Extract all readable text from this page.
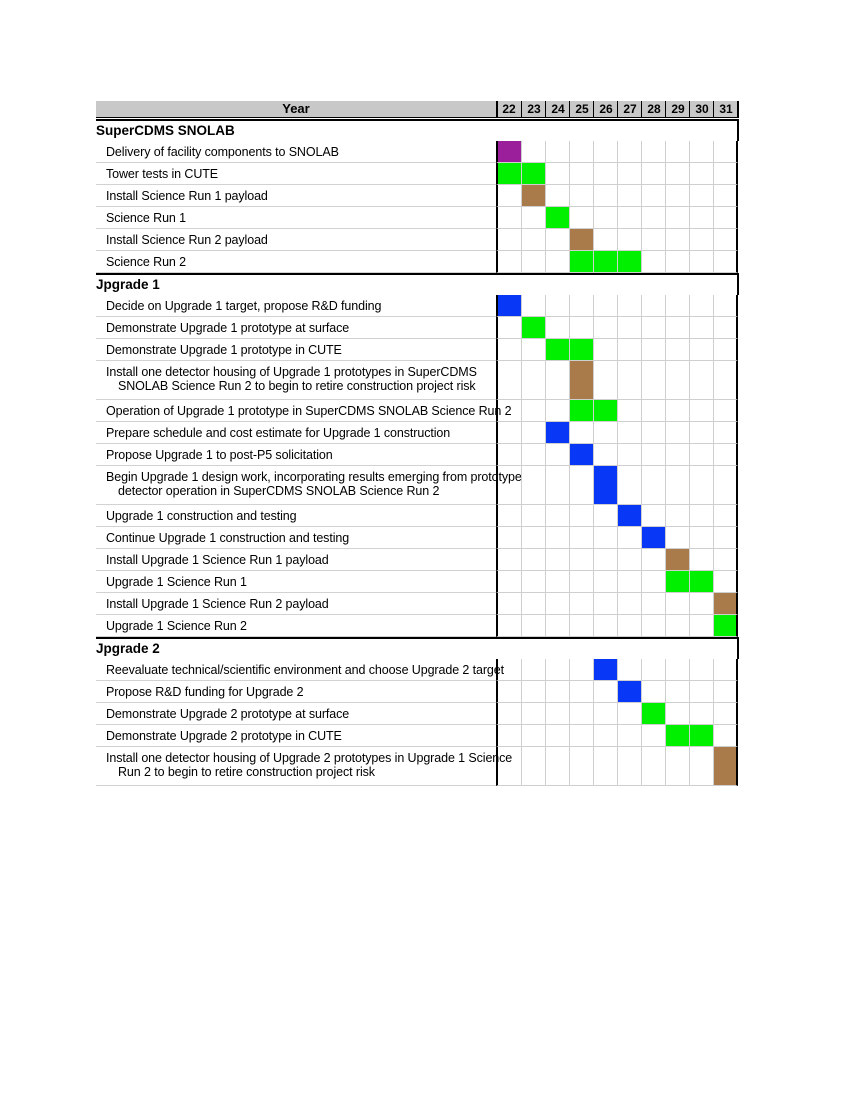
Year	22 23 24 25 26 27 28 29 30 31
SuperCDMS SNOLAB
Delivery of facility components to SNOLAB
Tower tests in CUTE
Install Science Run 1 payload
Science Run 1
Install Science Run 2 payload
Science Run 2
Jpgrade 1
Decide on Upgrade 1 target, propose R&D funding
Demonstrate Upgrade 1 prototype at surface
Demonstrate Upgrade 1 prototype in CUTE
Install one detector housing of Upgrade 1 prototypes in SuperCDMS
SNOLAB Science Run 2 to begin to retire construction project risk
Operation of Upgrade 1 prototype in SuperCDMS SNOLAB Science Run 2
Prepare schedule and cost estimate for Upgrade 1 construction
Propose Upgrade 1 to post-P5 solicitation
Begin Upgrade 1 design work, incorporating results emerging from prototype
detector operation in SuperCDMS SNOLAB Science Run 2
Upgrade 1 construction and testing
Continue Upgrade 1 construction and testing
Install Upgrade 1 Science Run 1 payload
Upgrade 1 Science Run 1
Install Upgrade 1 Science Run 2 payload
Upgrade 1 Science Run 2
Jpgrade 2
Reevaluate technical/scientific environment and choose Upgrade 2 target
Propose R&D funding for Upgrade 2
Demonstrate Upgrade 2 prototype at surface
Demonstrate Upgrade 2 prototype in CUTE
Install one detector housing of Upgrade 2 prototypes in Upgrade 1 Science
Run 2 to begin to retire construction project risk
